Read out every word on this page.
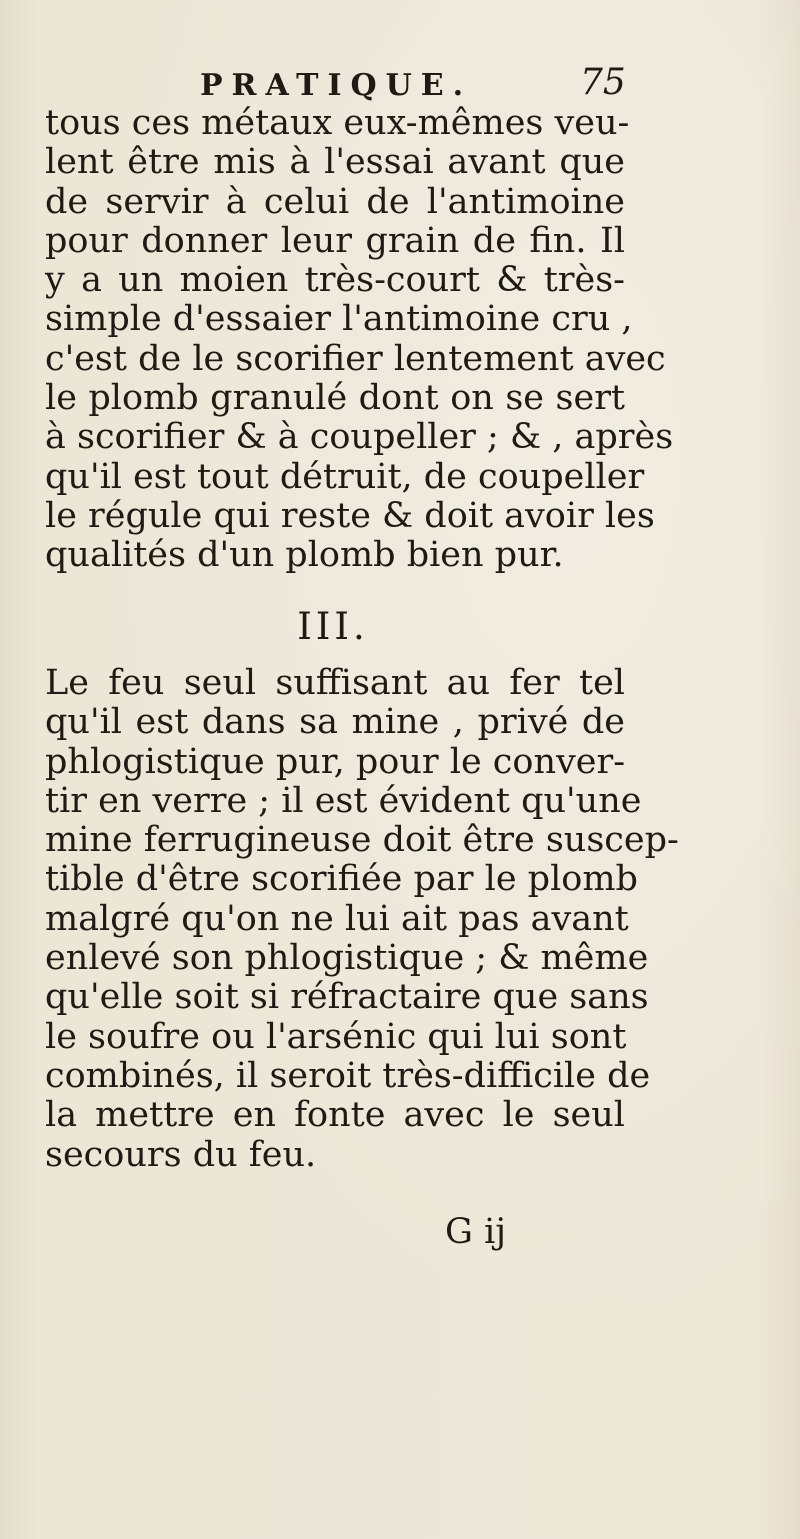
PRATIQUE.	75
tous ces métaux eux-mêmes veu-
lent être mis à l'essai avant que
de servir à celui de l'antimoine
pour donner leur grain de fin. Il
y a un moien très-court & très-
simple d'essaier l'antimoine cru ,
c'est de le scorifier lentement avec
le plomb granulé dont on se sert
à scorifier & à coupeller ; & , après
qu'il est tout détruit, de coupeller
le régule qui reste & doit avoir les
qualités d'un plomb bien pur.
III.
Le feu seul suffisant au fer tel
qu'il est dans sa mine , privé de
phlogistique pur, pour le conver-
tir en verre ; il est évident qu'une
mine ferrugineuse doit être suscep-
tible d'être scorifiée par le plomb
malgré qu'on ne lui ait pas avant
enlevé son phlogistique ; & même
qu'elle soit si réfractaire que sans
le soufre ou l'arsénic qui lui sont
combinés, il seroit très-difficile de
la mettre en fonte avec le seul
secours du feu.
G ij
